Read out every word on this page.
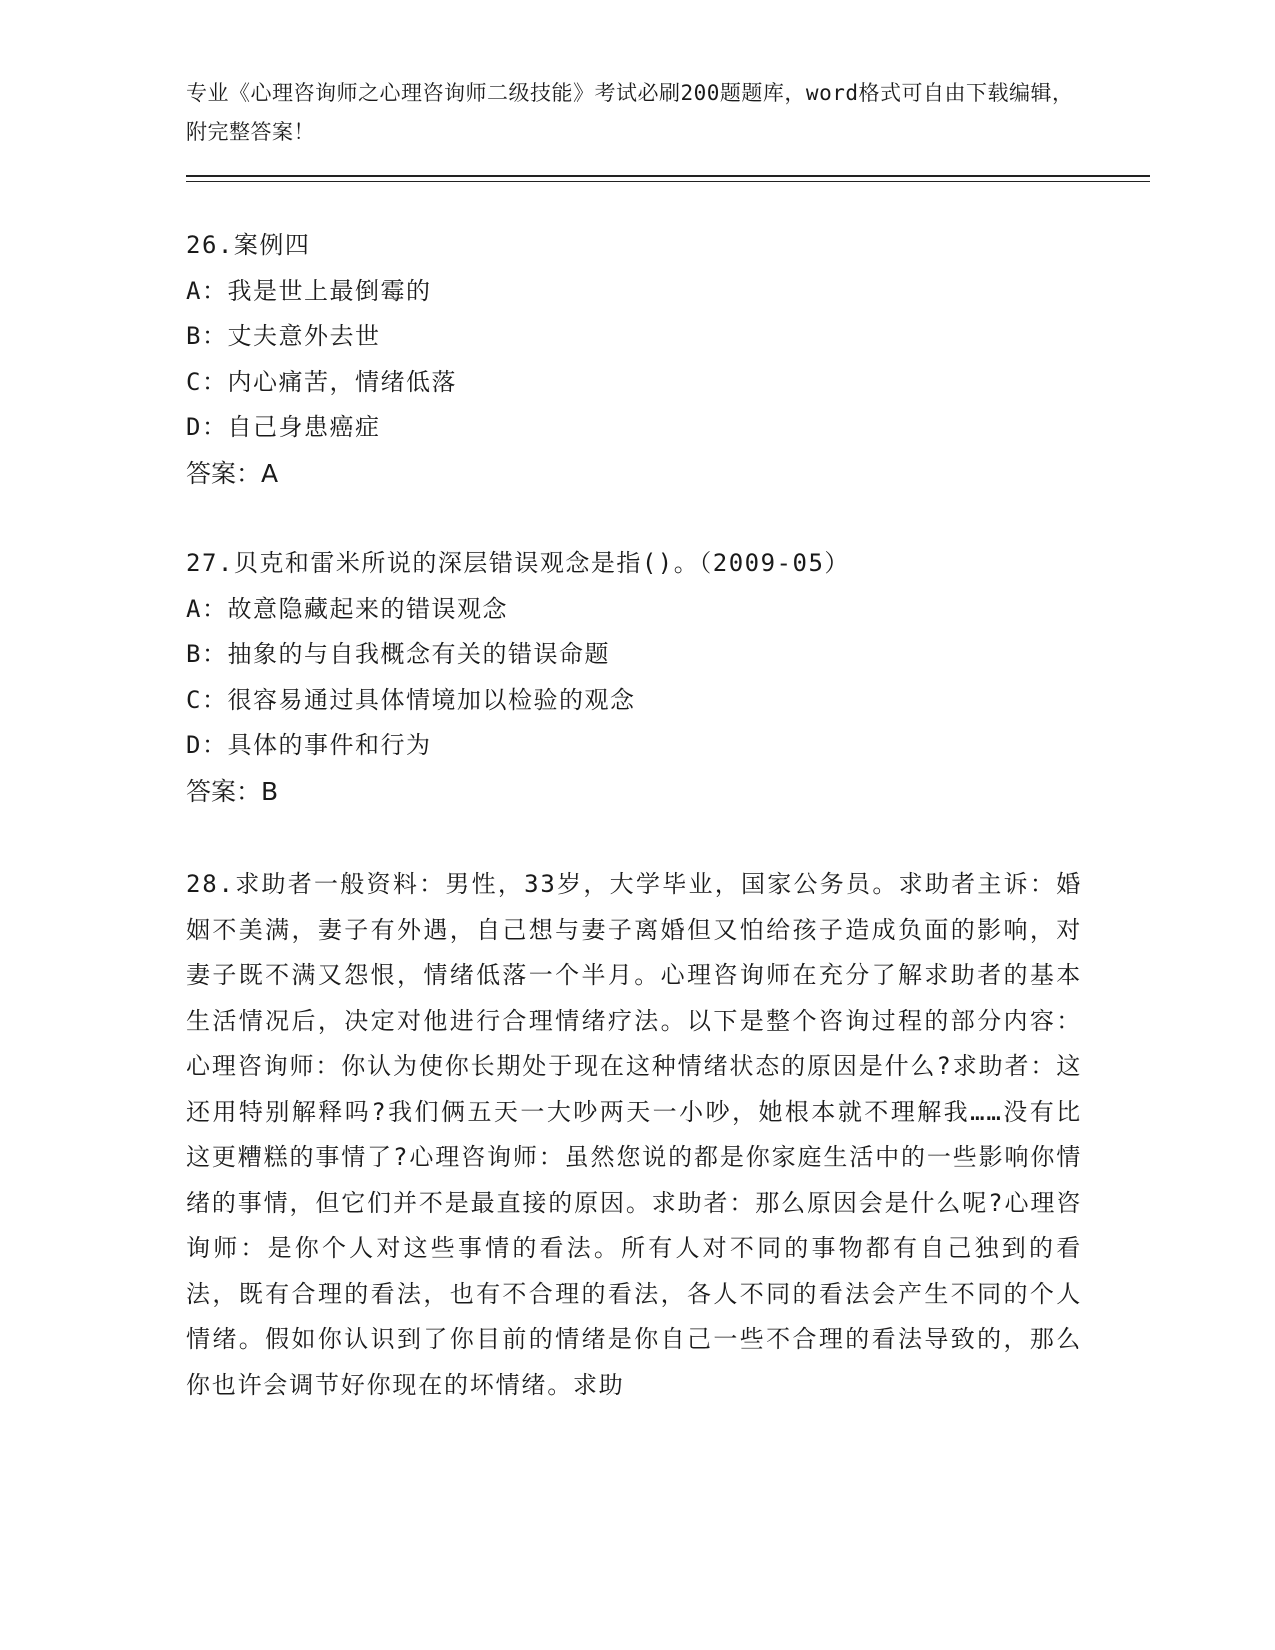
专业《心理咨询师之心理咨询师二级技能》考试必刷200题题库，word格式可自由下载编辑，附完整答案！
26.案例四
A：我是世上最倒霉的
B：丈夫意外去世
C：内心痛苦，情绪低落
D：自己身患癌症
答案：A
27.贝克和雷米所说的深层错误观念是指()。（2009-05）
A：故意隐藏起来的错误观念
B：抽象的与自我概念有关的错误命题
C：很容易通过具体情境加以检验的观念
D：具体的事件和行为
答案：B
28.求助者一般资料：男性，33岁，大学毕业，国家公务员。求助者主诉：婚姻不美满，妻子有外遇，自己想与妻子离婚但又怕给孩子造成负面的影响，对妻子既不满又怨恨，情绪低落一个半月。心理咨询师在充分了解求助者的基本生活情况后，决定对他进行合理情绪疗法。以下是整个咨询过程的部分内容：心理咨询师：你认为使你长期处于现在这种情绪状态的原因是什么?求助者：这还用特别解释吗?我们俩五天一大吵两天一小吵，她根本就不理解我……没有比这更糟糕的事情了?心理咨询师：虽然您说的都是你家庭生活中的一些影响你情绪的事情，但它们并不是最直接的原因。求助者：那么原因会是什么呢?心理咨询师：是你个人对这些事情的看法。所有人对不同的事物都有自己独到的看法，既有合理的看法，也有不合理的看法，各人不同的看法会产生不同的个人情绪。假如你认识到了你目前的情绪是你自己一些不合理的看法导致的，那么你也许会调节好你现在的坏情绪。求助
